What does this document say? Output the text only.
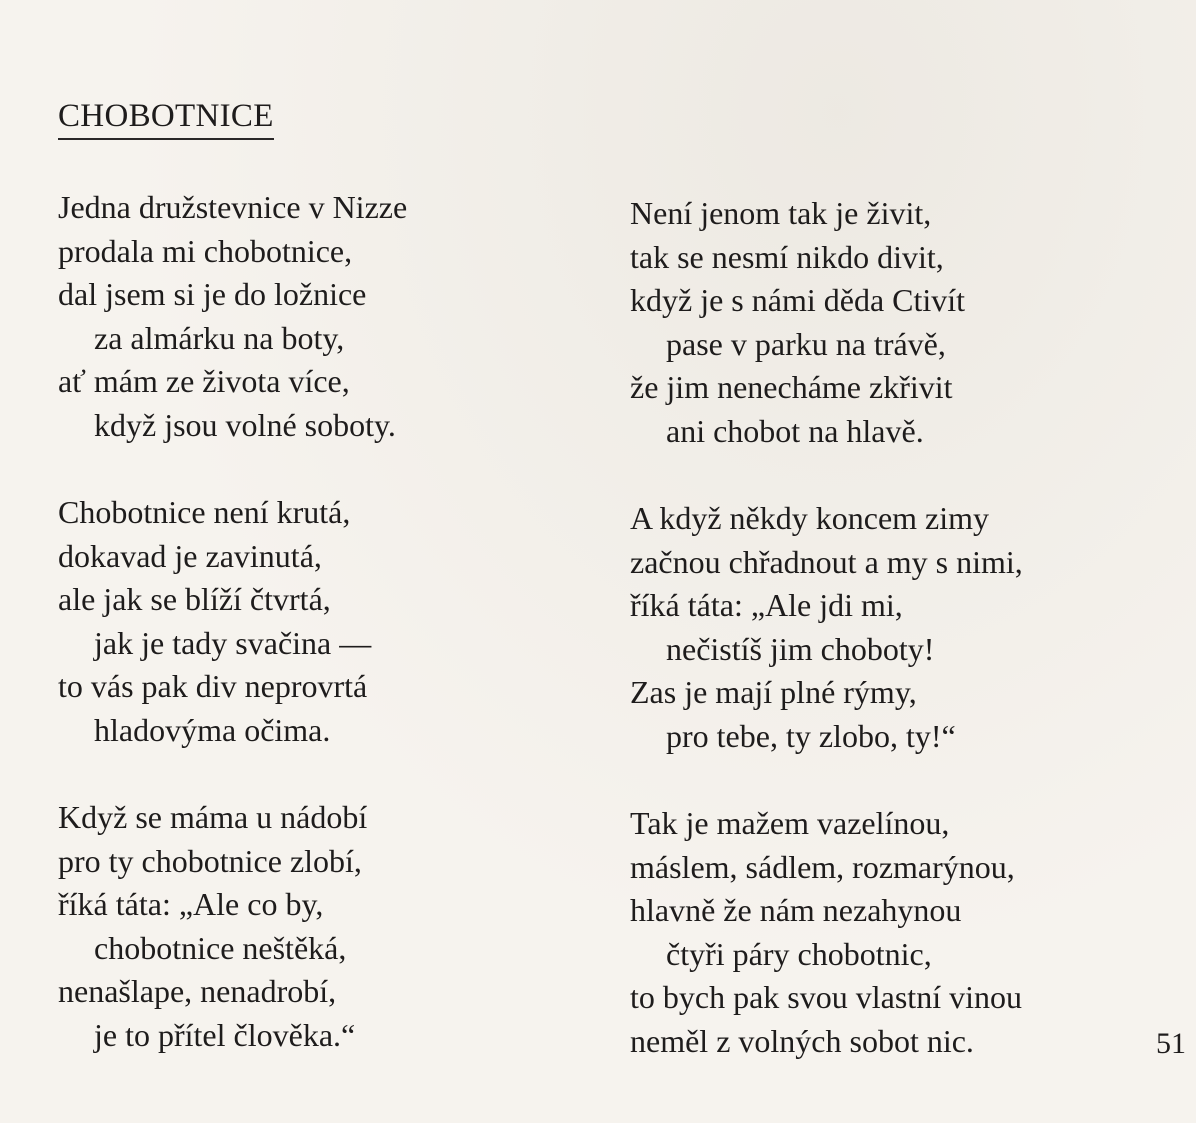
CHOBOTNICE
Jedna družstevnice v Nizze
prodala mi chobotnice,
dal jsem si je do ložnice
za almárku na boty,
ať mám ze života více,
když jsou volné soboty.
Chobotnice není krutá,
dokavad je zavinutá,
ale jak se blíží čtvrtá,
jak je tady svačina —
to vás pak div neprovrtá
hladovýma očima.
Když se máma u nádobí
pro ty chobotnice zlobí,
říká táta: „Ale co by,
chobotnice neštěká,
nenašlape, nenadrobí,
je to přítel člověka.“
Není jenom tak je živit,
tak se nesmí nikdo divit,
když je s námi děda Ctivít
pase v parku na trávě,
že jim nenecháme zkřivit
ani chobot na hlavě.
A když někdy koncem zimy
začnou chřadnout a my s nimi,
říká táta: „Ale jdi mi,
nečistíš jim choboty!
Zas je mají plné rýmy,
pro tebe, ty zlobo, ty!“
Tak je mažem vazelínou,
máslem, sádlem, rozmarýnou,
hlavně že nám nezahynou
čtyři páry chobotnic,
to bych pak svou vlastní vinou
neměl z volných sobot nic.	51
